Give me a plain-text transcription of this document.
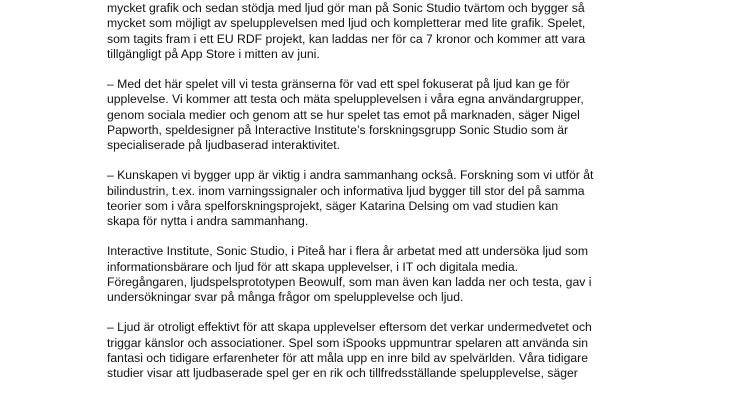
mycket grafik och sedan stödja med ljud gör man på Sonic Studio tvärtom och bygger så
mycket som möjligt av spelupplevelsen med ljud och kompletterar med lite grafik. Spelet,
som tagits fram i ett EU RDF projekt, kan laddas ner för ca 7 kronor och kommer att vara
tillgängligt på App Store i mitten av juni.

– Med det här spelet vill vi testa gränserna för vad ett spel fokuserat på ljud kan ge för
upplevelse. Vi kommer att testa och mäta spelupplevelsen i våra egna användargrupper,
genom sociala medier och genom att se hur spelet tas emot på marknaden, säger Nigel
Papworth, speldesigner på Interactive Institute’s forskningsgrupp Sonic Studio som är
specialiserade på ljudbaserad interaktivitet.

– Kunskapen vi bygger upp är viktig i andra sammanhang också. Forskning som vi utför åt
bilindustrin, t.ex. inom varningssignaler och informativa ljud bygger till stor del på samma
teorier som i våra spelforskningsprojekt, säger Katarina Delsing om vad studien kan
skapa för nytta i andra sammanhang.

Interactive Institute, Sonic Studio, i Piteå har i flera år arbetat med att undersöka ljud som
informationsbärare och ljud för att skapa upplevelser, i IT och digitala media.
Föregångaren, ljudspelsprototypen Beowulf, som man även kan ladda ner och testa, gav i
undersökningar svar på många frågor om spelupplevelse och ljud.

– Ljud är otroligt effektivt för att skapa upplevelser eftersom det verkar undermedvetet och
triggar känslor och associationer. Spel som iSpooks uppmuntrar spelaren att använda sin
fantasi och tidigare erfarenheter för att måla upp en inre bild av spelvärlden. Våra tidigare
studier visar att ljudbaserade spel ger en rik och tillfredsställande spelupplevelse, säger
